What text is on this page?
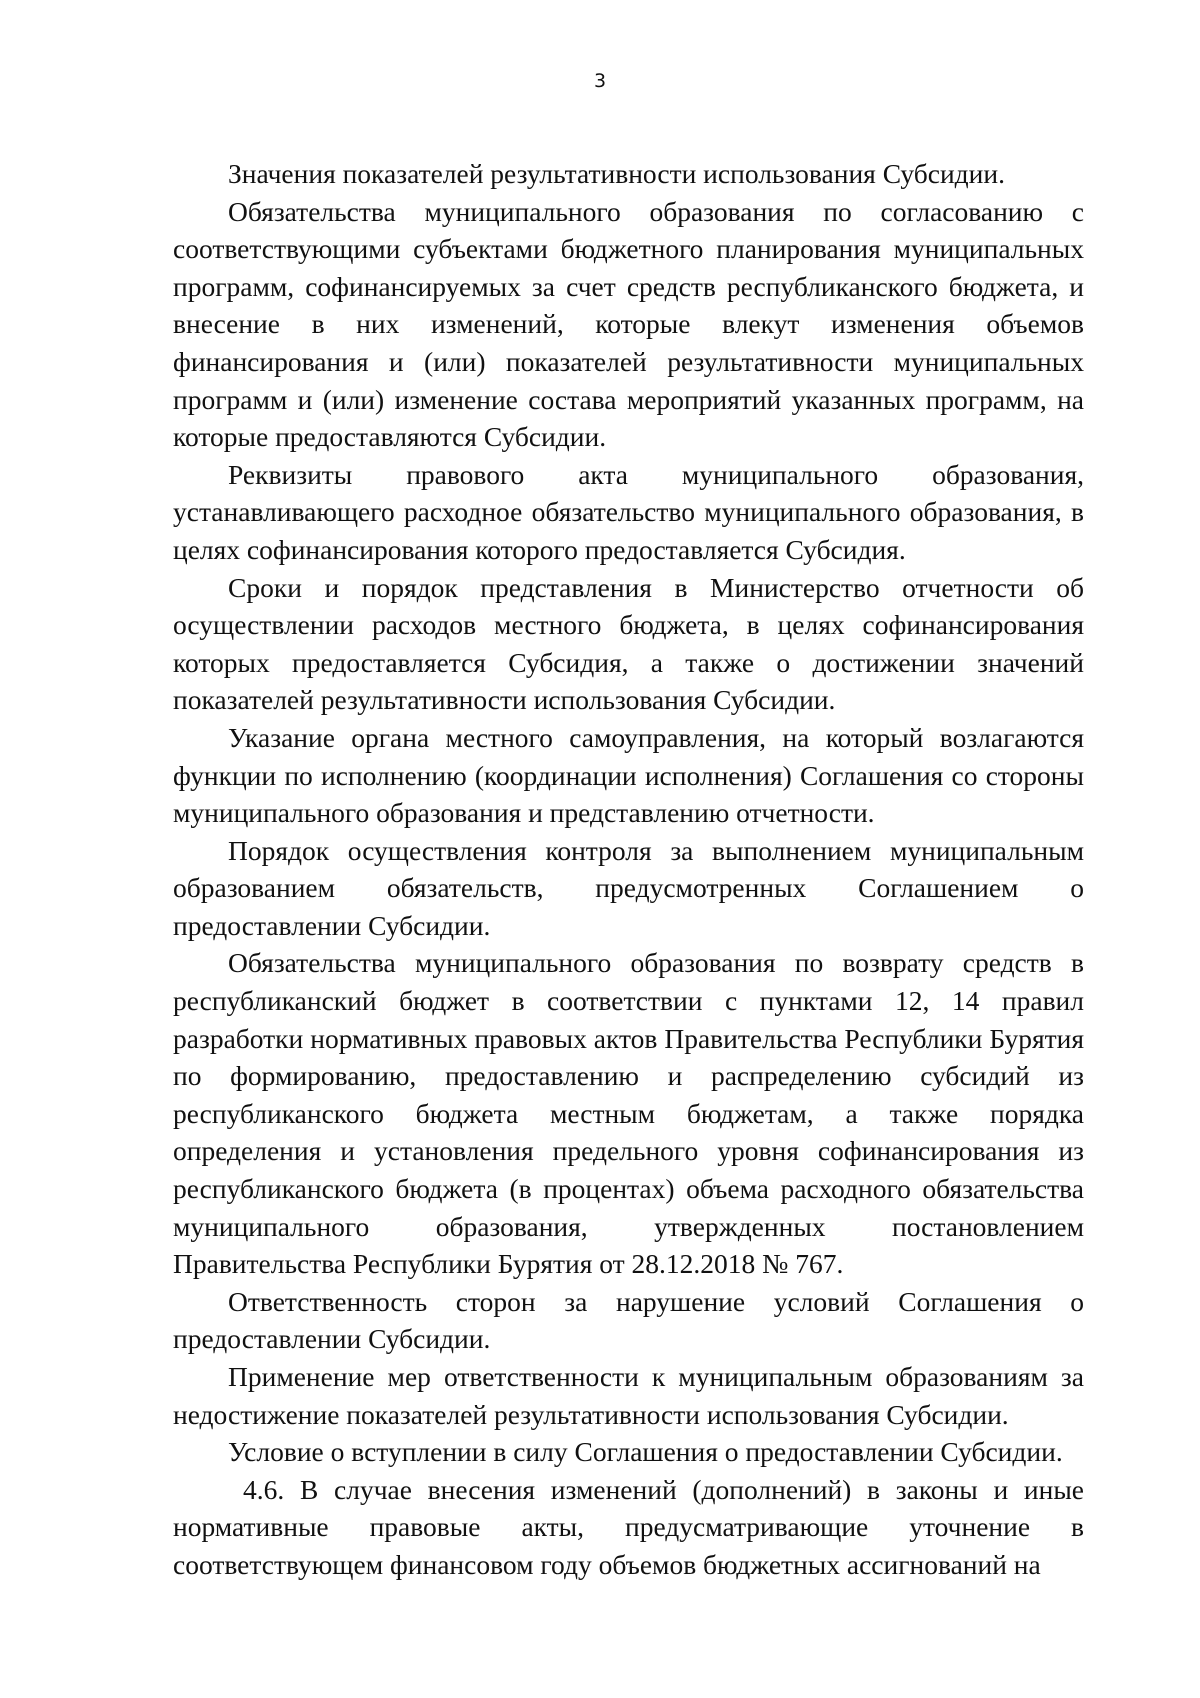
3

Значения показателей результативности использования Субсидии.

Обязательства муниципального образования по согласованию с соответствующими субъектами бюджетного планирования муниципальных программ, софинансируемых за счет средств республиканского бюджета, и внесение в них изменений, которые влекут изменения объемов финансирования и (или) показателей результативности муниципальных программ и (или) изменение состава мероприятий указанных программ, на которые предоставляются Субсидии.

Реквизиты правового акта муниципального образования, устанавливающего расходное обязательство муниципального образования, в целях софинансирования которого предоставляется Субсидия.

Сроки и порядок представления в Министерство отчетности об осуществлении расходов местного бюджета, в целях софинансирования которых предоставляется Субсидия, а также о достижении значений показателей результативности использования Субсидии.

Указание органа местного самоуправления, на который возлагаются функции по исполнению (координации исполнения) Соглашения со стороны муниципального образования и представлению отчетности.

Порядок осуществления контроля за выполнением муниципальным образованием обязательств, предусмотренных Соглашением о предоставлении Субсидии.

Обязательства муниципального образования по возврату средств в республиканский бюджет в соответствии с пунктами 12, 14 правил разработки нормативных правовых актов Правительства Республики Бурятия по формированию, предоставлению и распределению субсидий из республиканского бюджета местным бюджетам, а также порядка определения и установления предельного уровня софинансирования из республиканского бюджета (в процентах) объема расходного обязательства муниципального образования, утвержденных постановлением Правительства Республики Бурятия от 28.12.2018 № 767.

Ответственность сторон за нарушение условий Соглашения о предоставлении Субсидии.

Применение мер ответственности к муниципальным образованиям за недостижение показателей результативности использования Субсидии.

Условие о вступлении в силу Соглашения о предоставлении Субсидии.

4.6. В случае внесения изменений (дополнений) в законы и иные нормативные правовые акты, предусматривающие уточнение в соответствующем финансовом году объемов бюджетных ассигнований на
